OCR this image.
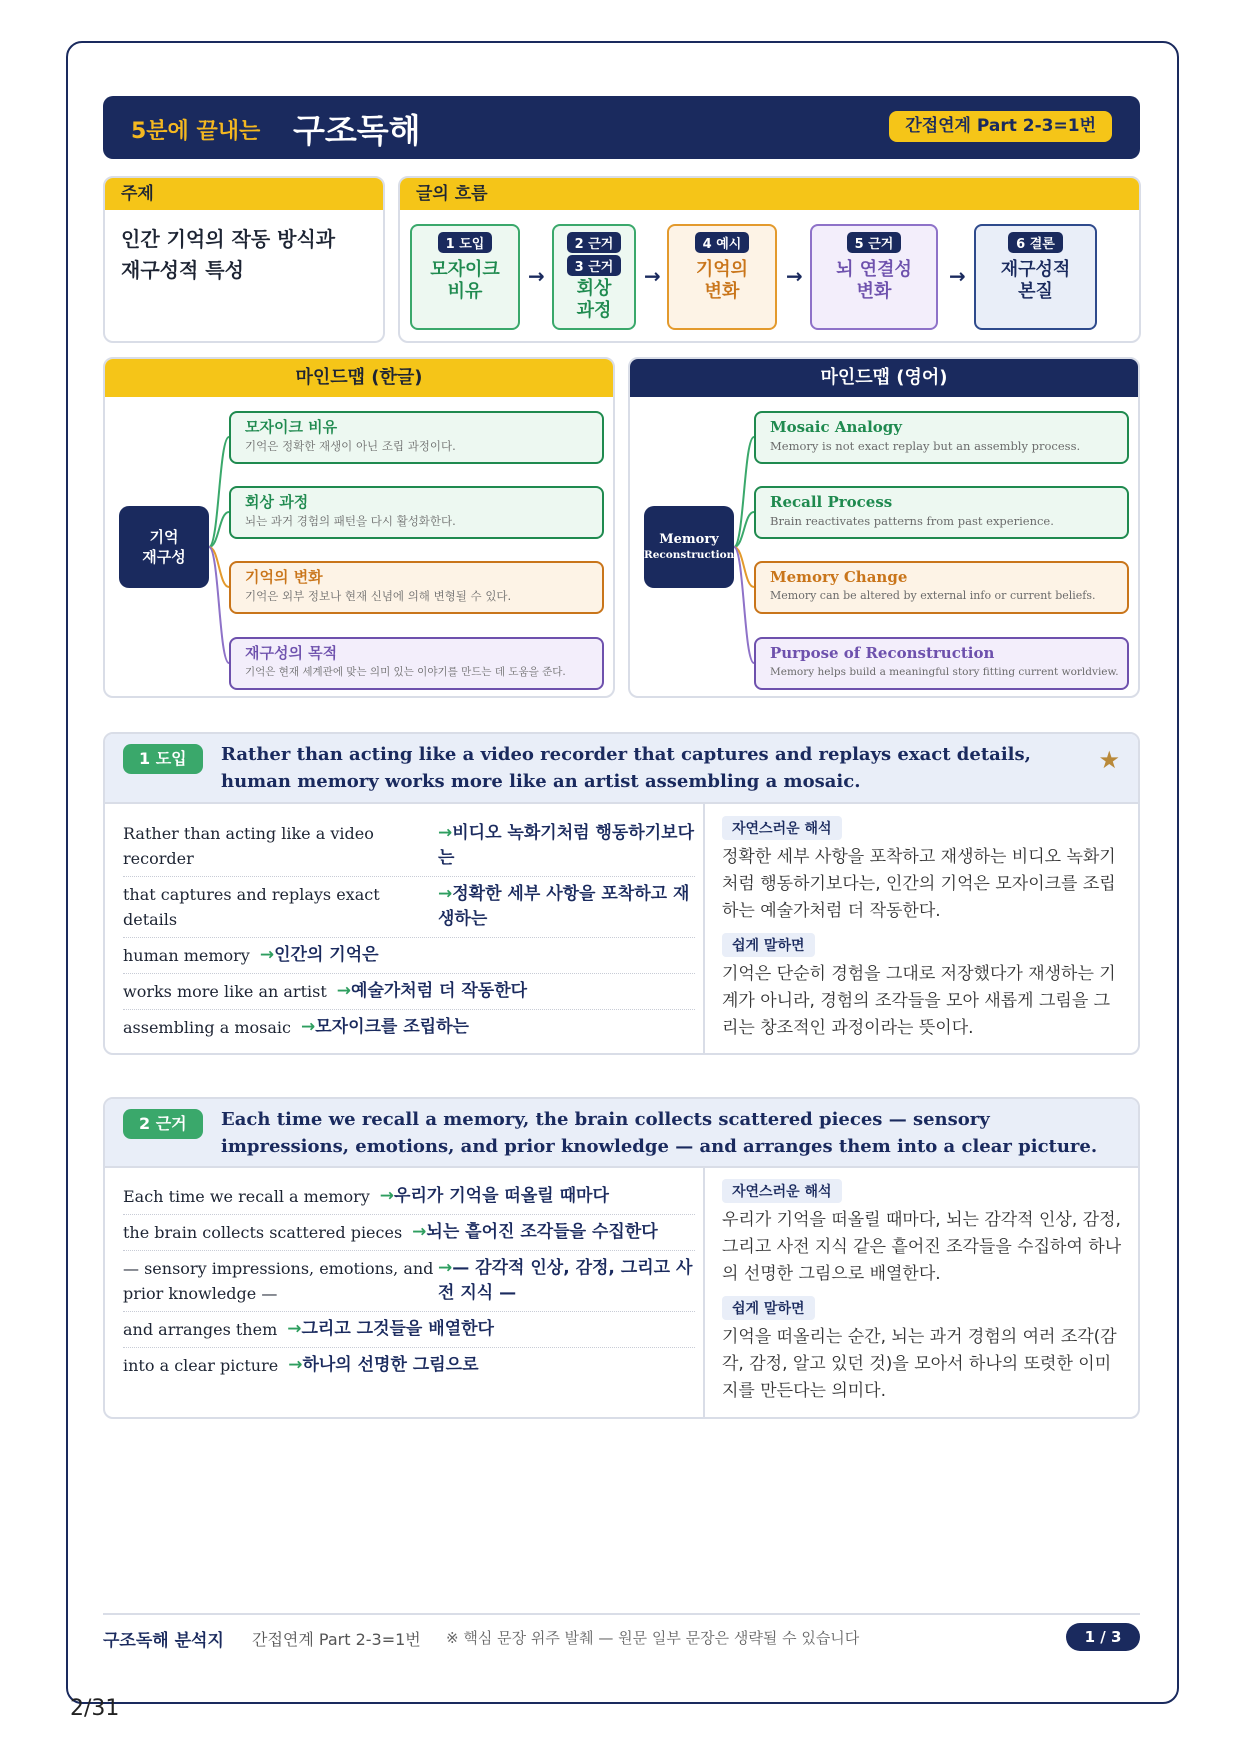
5분에 끝내는 구조독해	간접연계 Part 2-3=1번
주제
인간 기억의 작동 방식과
재구성적 특성
글의 흐름
1 도입
모자이크
비유
→
2 근거
3 근거
회상
과정
→
4 예시
기억의
변화
→
5 근거
뇌 연결성
변화
→
6 결론
재구성적
본질
마인드맵 (한글)
기억
재구성
모자이크 비유
기억은 정확한 재생이 아닌 조립 과정이다.
회상 과정
뇌는 과거 경험의 패턴을 다시 활성화한다.
기억의 변화
기억은 외부 정보나 현재 신념에 의해 변형될 수 있다.
재구성의 목적
기억은 현재 세계관에 맞는 의미 있는 이야기를 만드는 데 도움을 준다.
마인드맵 (영어)
Memory
Reconstruction
Mosaic Analogy
Memory is not exact replay but an assembly process.
Recall Process
Brain reactivates patterns from past experience.
Memory Change
Memory can be altered by external info or current beliefs.
Purpose of Reconstruction
Memory helps build a meaningful story fitting current worldview.
1 도입	Rather than acting like a video recorder that captures and replays exact details, human memory works more like an artist assembling a mosaic.
★
Rather than acting like a video recorder
→비디오 녹화기처럼 행동하기보다는
that captures and replays exact details
→정확한 세부 사항을 포착하고 재생하는
human memory →인간의 기억은
works more like an artist →예술가처럼 더 작동한다
assembling a mosaic →모자이크를 조립하는
자연스러운 해석
정확한 세부 사항을 포착하고 재생하는 비디오 녹화기처럼 행동하기보다는, 인간의 기억은 모자이크를 조립하는 예술가처럼 더 작동한다.
쉽게 말하면
기억은 단순히 경험을 그대로 저장했다가 재생하는 기계가 아니라, 경험의 조각들을 모아 새롭게 그림을 그리는 창조적인 과정이라는 뜻이다.
2 근거	Each time we recall a memory, the brain collects scattered pieces — sensory impressions, emotions, and prior knowledge — and arranges them into a clear picture.
Each time we recall a memory →우리가 기억을 떠올릴 때마다
the brain collects scattered pieces →뇌는 흩어진 조각들을 수집한다
— sensory impressions, emotions, and prior knowledge —
→— 감각적 인상, 감정, 그리고 사전 지식 —
and arranges them →그리고 그것들을 배열한다
into a clear picture →하나의 선명한 그림으로
자연스러운 해석
우리가 기억을 떠올릴 때마다, 뇌는 감각적 인상, 감정, 그리고 사전 지식 같은 흩어진 조각들을 수집하여 하나의 선명한 그림으로 배열한다.
쉽게 말하면
기억을 떠올리는 순간, 뇌는 과거 경험의 여러 조각(감각, 감정, 알고 있던 것)을 모아서 하나의 또렷한 이미지를 만든다는 의미다.
구조독해 분석지 간접연계 Part 2-3=1번 ※ 핵심 문장 위주 발췌 — 원문 일부 문장은 생략될 수 있습니다	1 / 3
2/31
